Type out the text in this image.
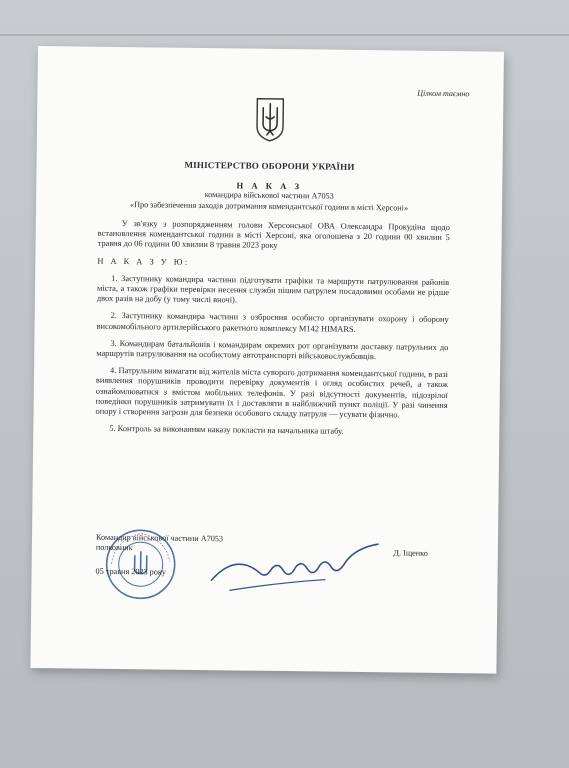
Цілком таємно
МІНІСТЕРСТВО ОБОРОНИ УКРАЇНИ
Н А К А З
командира військової частини А7053
«Про забезпечення заходів дотримання комендантської години в місті Херсоні»

У зв'язку з розпорядженням голови Херсонської ОВА Олександра Прокудіна щодо встановлення комендантської години в місті Херсоні, яка оголошена з 20 години 00 хвилин 5 травня до 06 години 00 хвилин 8 травня 2023 року

Н А К А З У Ю:

1. Заступнику командира частини підготувати графіки та маршрути патрулювання районів міста, а також графіки перевірки несення служби пішим патрулем посадовими особами не рідше двох разів на добу (у тому числі вночі).

2. Заступнику командира частини з озброєння особисто організувати охорону і оборону високомобільного артилерійського ракетного комплексу М142 HIMARS.

3. Командирам батальйонів і командирам окремих рот організувати доставку патрульних до маршрутів патрулювання на особистому автотранспорті військовослужбовців.

4. Патрульним вимагати від жителів міста суворого дотримання комендантської години, в разі виявлення порушників проводити перевірку документів і огляд особистих речей, а також ознайомлюватися з вмістом мобільних телефонів. У разі відсутності документів, підозрілої поведінки порушників затримувати їх і доставляти в найближчий пункт поліції. У разі чинення опору і створення загрози для безпеки особового складу патруля — усувати фізично.

5. Контроль за виконанням наказу покласти на начальника штабу.

Командир військової частини А7053
полковник
05 травня 2023 року
Д. Іщенко
